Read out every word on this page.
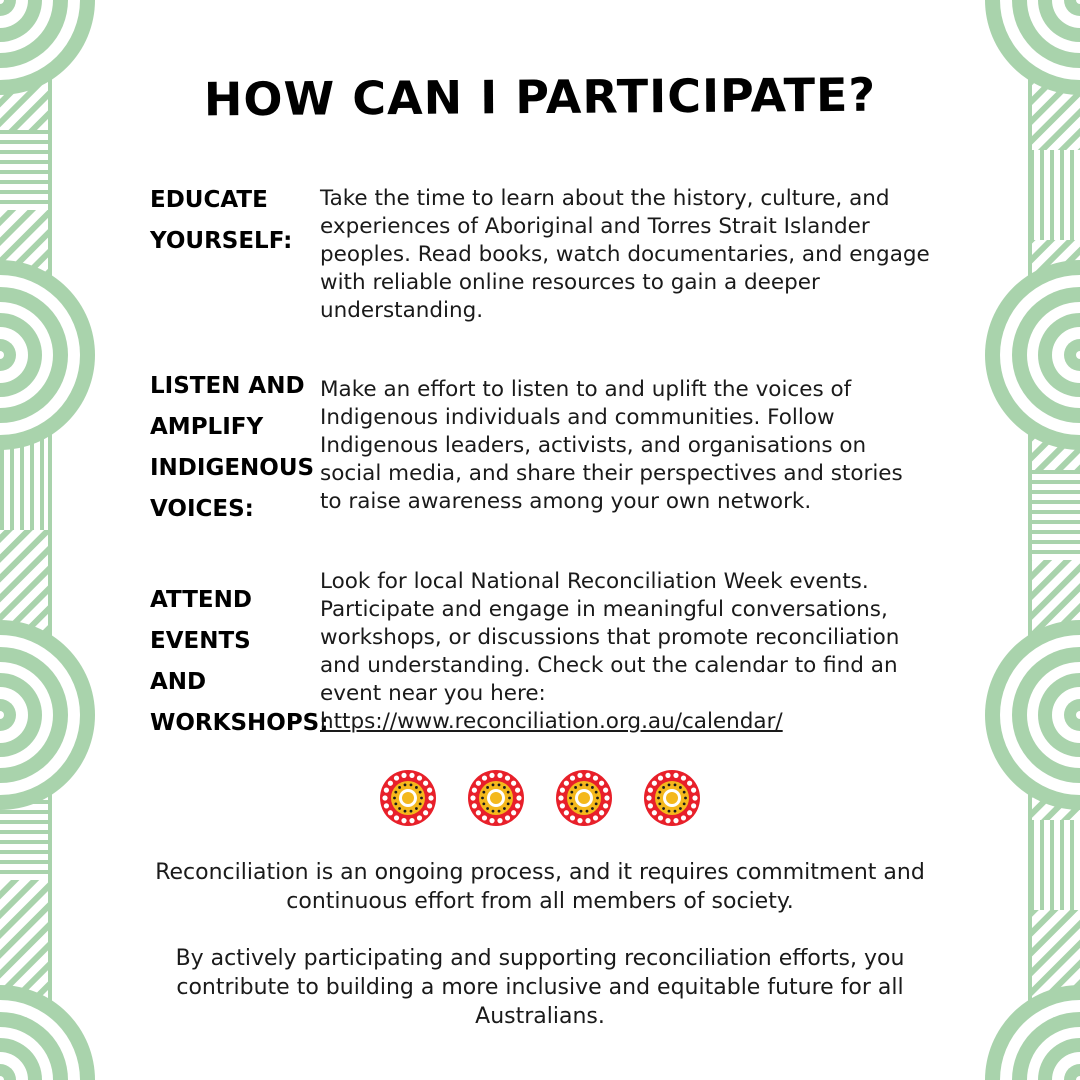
HOW CAN I PARTICIPATE?
EDUCATE
YOURSELF:
Take the time to learn about the history, culture, and experiences of Aboriginal and Torres Strait Islander peoples. Read books, watch documentaries, and engage with reliable online resources to gain a deeper understanding.
LISTEN AND
AMPLIFY
INDIGENOUS
VOICES:
Make an effort to listen to and uplift the voices of Indigenous individuals and communities. Follow Indigenous leaders, activists, and organisations on social media, and share their perspectives and stories to raise awareness among your own network.
ATTEND
EVENTS AND
WORKSHOPS:
Look for local National Reconciliation Week events. Participate and engage in meaningful conversations, workshops, or discussions that promote reconciliation and understanding. Check out the calendar to find an event near you here:
https://www.reconciliation.org.au/calendar/
Reconciliation is an ongoing process, and it requires commitment and continuous effort from all members of society.
By actively participating and supporting reconciliation efforts, you contribute to building a more inclusive and equitable future for all Australians.
